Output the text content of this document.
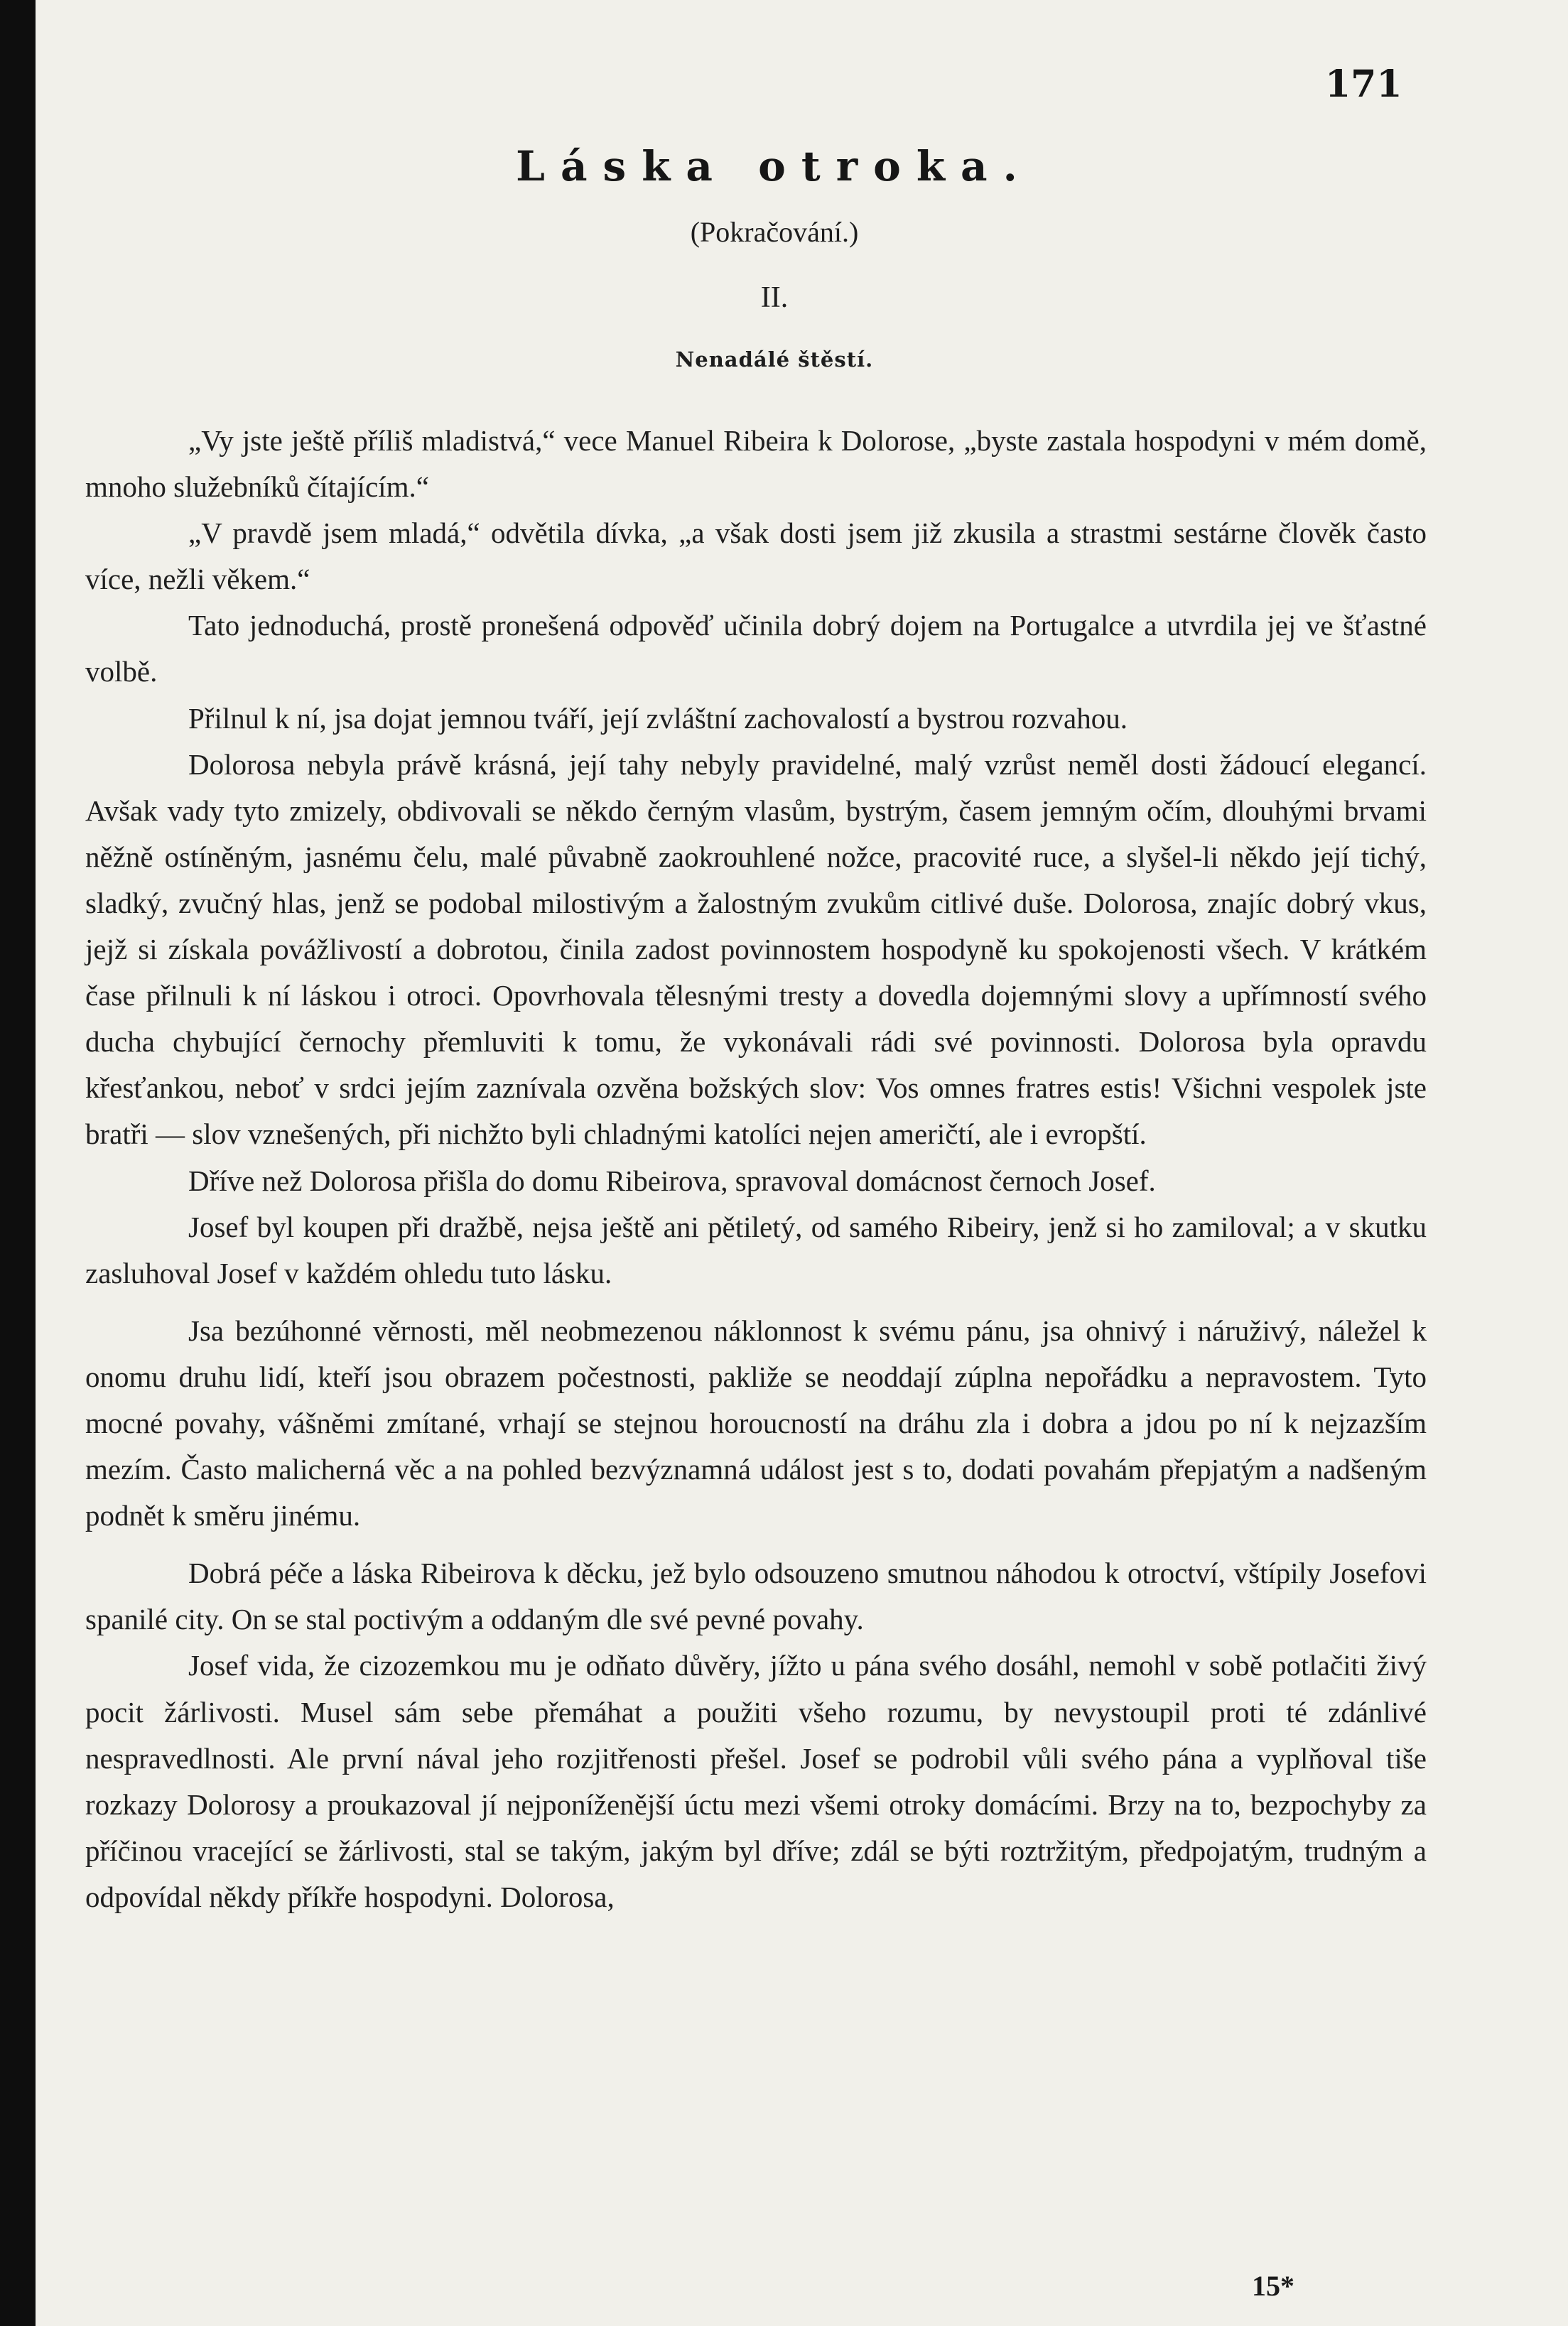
171
Láska otroka.
(Pokračování.)
II.
Nenadálé štěstí.

„Vy jste ještě příliš mladistvá,“ vece Manuel Ribeira k Dolorose, „byste zastala hospodyni v mém domě, mnoho služebníků čítajícím.“

„V pravdě jsem mladá,“ odvětila dívka, „a však dosti jsem již zkusila a strastmi sestárne člověk často více, nežli věkem.“

Tato jednoduchá, prostě pronešená odpověď učinila dobrý dojem na Portugalce a utvrdila jej ve šťastné volbě.

Přilnul k ní, jsa dojat jemnou tváří, její zvláštní zachovalostí a bystrou rozvahou.

Dolorosa nebyla právě krásná, její tahy nebyly pravidelné, malý vzrůst neměl dosti žádoucí elegancí. Avšak vady tyto zmizely, obdivovali se někdo černým vlasům, bystrým, časem jemným očím, dlouhými brvami něžně ostíněným, jasnému čelu, malé půvabně zaokrouhlené nožce, pracovité ruce, a slyšel-li někdo její tichý, sladký, zvučný hlas, jenž se podobal milostivým a žalostným zvukům citlivé duše. Dolorosa, znajíc dobrý vkus, jejž si získala povážlivostí a dobrotou, činila zadost povinnostem hospodyně ku spokojenosti všech. V krátkém čase přilnuli k ní láskou i otroci. Opovrhovala tělesnými tresty a dovedla dojemnými slovy a upřímností svého ducha chybující černochy přemluviti k tomu, že vykonávali rádi své povinnosti. Dolorosa byla opravdu křesťankou, neboť v srdci jejím zaznívala ozvěna božských slov: Vos omnes fratres estis! Všichni vespolek jste bratři — slov vznešených, při nichžto byli chladnými katolíci nejen američtí, ale i evropští.

Dříve než Dolorosa přišla do domu Ribeirova, spravoval domácnost černoch Josef.

Josef byl koupen při dražbě, nejsa ještě ani pětiletý, od samého Ribeiry, jenž si ho zamiloval; a v skutku zasluhoval Josef v každém ohledu tuto lásku.

Jsa bezúhonné věrnosti, měl neobmezenou náklonnost k svému pánu, jsa ohnivý i náruživý, náležel k onomu druhu lidí, kteří jsou obrazem počestnosti, pakliže se neoddají zúplna nepořádku a nepravostem. Tyto mocné povahy, vášněmi zmítané, vrhají se stejnou horoucností na dráhu zla i dobra a jdou po ní k nejzazším mezím. Často malicherná věc a na pohled bezvýznamná událost jest s to, dodati povahám přepjatým a nadšeným podnět k směru jinému.

Dobrá péče a láska Ribeirova k děcku, jež bylo odsouzeno smutnou náhodou k otroctví, vštípily Josefovi spanilé city. On se stal poctivým a oddaným dle své pevné povahy.

Josef vida, že cizozemkou mu je odňato důvěry, jížto u pána svého dosáhl, nemohl v sobě potlačiti živý pocit žárlivosti. Musel sám sebe přemáhat a použiti všeho rozumu, by nevystoupil proti té zdánlivé nespravedlnosti. Ale první nával jeho rozjitřenosti přešel. Josef se podrobil vůli svého pána a vyplňoval tiše rozkazy Dolorosy a proukazoval jí nejponíženější úctu mezi všemi otroky domácími. Brzy na to, bezpochyby za příčinou vracející se žárlivosti, stal se takým, jakým byl dříve; zdál se býti roztržitým, předpojatým, trudným a odpovídal někdy příkře hospodyni. Dolorosa,

15*
